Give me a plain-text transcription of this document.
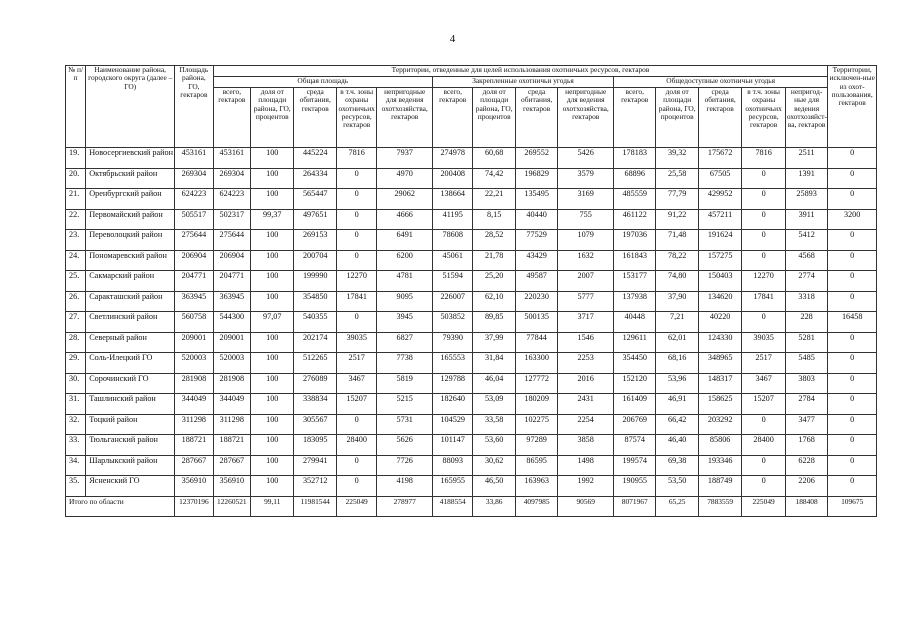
4
№ п/п	Наименование района, городского округа (далее – ГО)	Площадь района, ГО, гектаров	Территории, отведенные для целей использования охотничьих ресурсов, гектаров														Территории, исключен-ные из охот-пользования, гектаров
			Общая площадь					Закрепленные охотничьи угодья				Общедоступные охотничьи угодья					
			всего, гектаров	доля от площади района, ГО, процентов	среда обитания, гектаров	в т.ч. зоны охраны охотничьих ресурсов, гектаров	непригодные для ведения охотхозяйства, гектаров	всего, гектаров	доля от площади района, ГО, процентов	среда обитания, гектаров	непригодные для ведения охотхозяйства, гектаров	всего, гектаров	доля от площади района, ГО, процентов	среда обитания, гектаров	в т.ч. зоны охраны охотничьих ресурсов, гектаров	непригод-ные для ведения охотхозяйст-ва, гектаров	
19.	Новосергиевский район	453161	453161	100	445224	7816	7937	274978	60,68	269552	5426	178183	39,32	175672	7816	2511	0
20.	Октябрьский район	269304	269304	100	264334	0	4970	200408	74,42	196829	3579	68896	25,58	67505	0	1391	0
21.	Оренбургский район	624223	624223	100	565447	0	29062	138664	22,21	135495	3169	485559	77,79	429952	0	25893	0
22.	Первомайский район	505517	502317	99,37	497651	0	4666	41195	8,15	40440	755	461122	91,22	457211	0	3911	3200
23.	Переволоцкий район	275644	275644	100	269153	0	6491	78608	28,52	77529	1079	197036	71,48	191624	0	5412	0
24.	Пономаревский район	206904	206904	100	200704	0	6200	45061	21,78	43429	1632	161843	78,22	157275	0	4568	0
25.	Сакмарский район	204771	204771	100	199990	12270	4781	51594	25,20	49587	2007	153177	74,80	150403	12270	2774	0
26.	Саракташский район	363945	363945	100	354850	17841	9095	226007	62,10	220230	5777	137938	37,90	134620	17841	3318	0
27.	Светлинский район	560758	544300	97,07	540355	0	3945	503852	89,85	500135	3717	40448	7,21	40220	0	228	16458
28.	Северный район	209001	209001	100	202174	39035	6827	79390	37,99	77844	1546	129611	62,01	124330	39035	5281	0
29.	Соль-Илецкий ГО	520003	520003	100	512265	2517	7738	165553	31,84	163300	2253	354450	68,16	348965	2517	5485	0
30.	Сорочинский ГО	281908	281908	100	276089	3467	5819	129788	46,04	127772	2016	152120	53,96	148317	3467	3803	0
31.	Ташлинский район	344049	344049	100	338834	15207	5215	182640	53,09	180209	2431	161409	46,91	158625	15207	2784	0
32.	Тоцкий район	311298	311298	100	305567	0	5731	104529	33,58	102275	2254	206769	66,42	203292	0	3477	0
33.	Тюльганский район	188721	188721	100	183095	28400	5626	101147	53,60	97289	3858	87574	46,40	85806	28400	1768	0
34.	Шарлыкский район	287667	287667	100	279941	0	7726	88093	30,62	86595	1498	199574	69,38	193346	0	6228	0
35.	Ясненский ГО	356910	356910	100	352712	0	4198	165955	46,50	163963	1992	190955	53,50	188749	0	2206	0
Итого по области		12370196	12260521	99,11	11981544	225049	278977	4188554	33,86	4097985	90569	8071967	65,25	7883559	225049	188408	109675
